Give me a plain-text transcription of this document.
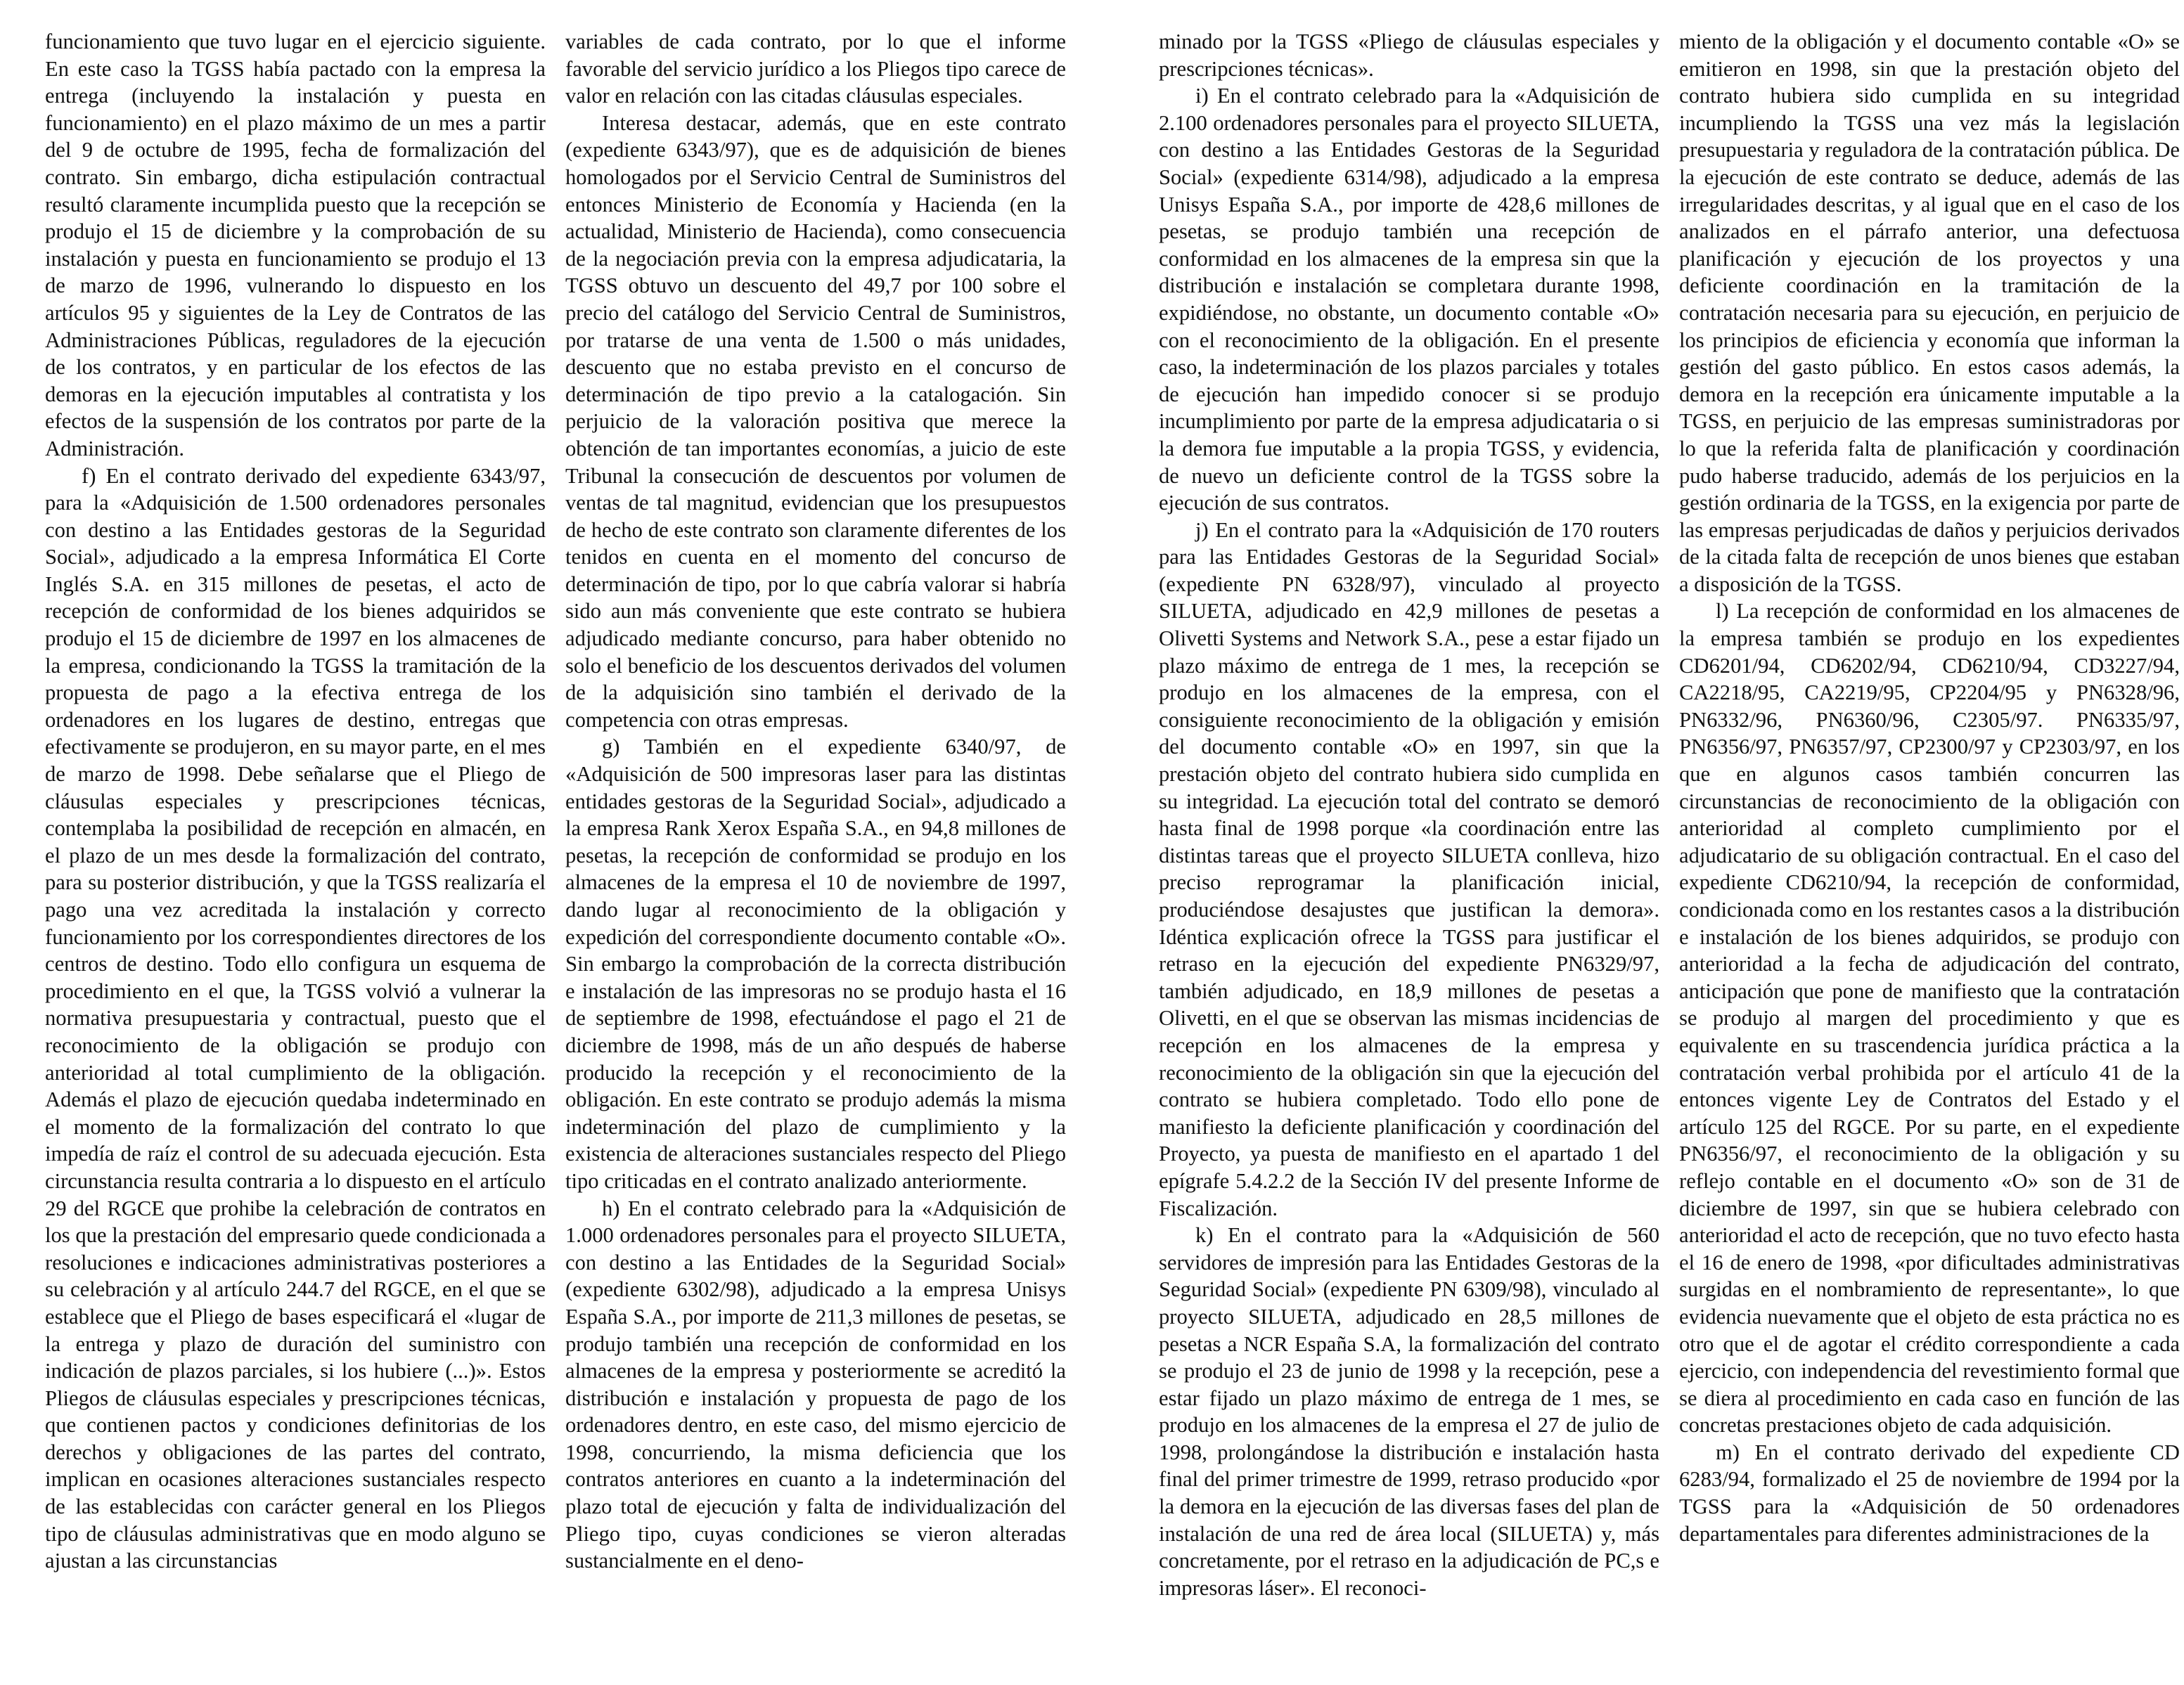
funcionamiento que tuvo lugar en el ejercicio siguiente. En este caso la TGSS había pactado con la empresa la entrega (incluyendo la instalación y puesta en funcionamiento) en el plazo máximo de un mes a partir del 9 de octubre de 1995, fecha de formalización del contrato. Sin embargo, dicha estipulación contractual resultó claramente incumplida puesto que la recepción se produjo el 15 de diciembre y la comprobación de su instalación y puesta en funcionamiento se produjo el 13 de marzo de 1996, vulnerando lo dispuesto en los artículos 95 y siguientes de la Ley de Contratos de las Administraciones Públicas, reguladores de la ejecución de los contratos, y en particular de los efectos de las demoras en la ejecución imputables al contratista y los efectos de la suspensión de los contratos por parte de la Administración.

f) En el contrato derivado del expediente 6343/97, para la «Adquisición de 1.500 ordenadores personales con destino a las Entidades gestoras de la Seguridad Social», adjudicado a la empresa Informática El Corte Inglés S.A. en 315 millones de pesetas, el acto de recepción de conformidad de los bienes adquiridos se produjo el 15 de diciembre de 1997 en los almacenes de la empresa, condicionando la TGSS la tramitación de la propuesta de pago a la efectiva entrega de los ordenadores en los lugares de destino, entregas que efectivamente se produjeron, en su mayor parte, en el mes de marzo de 1998. Debe señalarse que el Pliego de cláusulas especiales y prescripciones técnicas, contemplaba la posibilidad de recepción en almacén, en el plazo de un mes desde la formalización del contrato, para su posterior distribución, y que la TGSS realizaría el pago una vez acreditada la instalación y correcto funcionamiento por los correspondientes directores de los centros de destino. Todo ello configura un esquema de procedimiento en el que, la TGSS volvió a vulnerar la normativa presupuestaria y contractual, puesto que el reconocimiento de la obligación se produjo con anterioridad al total cumplimiento de la obligación. Además el plazo de ejecución quedaba indeterminado en el momento de la formalización del contrato lo que impedía de raíz el control de su adecuada ejecución. Esta circunstancia resulta contraria a lo dispuesto en el artículo 29 del RGCE que prohibe la celebración de contratos en los que la prestación del empresario quede condicionada a resoluciones e indicaciones administrativas posteriores a su celebración y al artículo 244.7 del RGCE, en el que se establece que el Pliego de bases especificará el «lugar de la entrega y plazo de duración del suministro con indicación de plazos parciales, si los hubiere (...)». Estos Pliegos de cláusulas especiales y prescripciones técnicas, que contienen pactos y condiciones definitorias de los derechos y obligaciones de las partes del contrato, implican en ocasiones alteraciones sustanciales respecto de las establecidas con carácter general en los Pliegos tipo de cláusulas administrativas que en modo alguno se ajustan a las circunstancias

variables de cada contrato, por lo que el informe favorable del servicio jurídico a los Pliegos tipo carece de valor en relación con las citadas cláusulas especiales.

Interesa destacar, además, que en este contrato (expediente 6343/97), que es de adquisición de bienes homologados por el Servicio Central de Suministros del entonces Ministerio de Economía y Hacienda (en la actualidad, Ministerio de Hacienda), como consecuencia de la negociación previa con la empresa adjudicataria, la TGSS obtuvo un descuento del 49,7 por 100 sobre el precio del catálogo del Servicio Central de Suministros, por tratarse de una venta de 1.500 o más unidades, descuento que no estaba previsto en el concurso de determinación de tipo previo a la catalogación. Sin perjuicio de la valoración positiva que merece la obtención de tan importantes economías, a juicio de este Tribunal la consecución de descuentos por volumen de ventas de tal magnitud, evidencian que los presupuestos de hecho de este contrato son claramente diferentes de los tenidos en cuenta en el momento del concurso de determinación de tipo, por lo que cabría valorar si habría sido aun más conveniente que este contrato se hubiera adjudicado mediante concurso, para haber obtenido no solo el beneficio de los descuentos derivados del volumen de la adquisición sino también el derivado de la competencia con otras empresas.

g) También en el expediente 6340/97, de «Adquisición de 500 impresoras laser para las distintas entidades gestoras de la Seguridad Social», adjudicado a la empresa Rank Xerox España S.A., en 94,8 millones de pesetas, la recepción de conformidad se produjo en los almacenes de la empresa el 10 de noviembre de 1997, dando lugar al reconocimiento de la obligación y expedición del correspondiente documento contable «O». Sin embargo la comprobación de la correcta distribución e instalación de las impresoras no se produjo hasta el 16 de septiembre de 1998, efectuándose el pago el 21 de diciembre de 1998, más de un año después de haberse producido la recepción y el reconocimiento de la obligación. En este contrato se produjo además la misma indeterminación del plazo de cumplimiento y la existencia de alteraciones sustanciales respecto del Pliego tipo criticadas en el contrato analizado anteriormente.

h) En el contrato celebrado para la «Adquisición de 1.000 ordenadores personales para el proyecto SILUETA, con destino a las Entidades de la Seguridad Social» (expediente 6302/98), adjudicado a la empresa Unisys España S.A., por importe de 211,3 millones de pesetas, se produjo también una recepción de conformidad en los almacenes de la empresa y posteriormente se acreditó la distribución e instalación y propuesta de pago de los ordenadores dentro, en este caso, del mismo ejercicio de 1998, concurriendo, la misma deficiencia que los contratos anteriores en cuanto a la indeterminación del plazo total de ejecución y falta de individualización del Pliego tipo, cuyas condiciones se vieron alteradas sustancialmente en el deno-

minado por la TGSS «Pliego de cláusulas especiales y prescripciones técnicas».

i) En el contrato celebrado para la «Adquisición de 2.100 ordenadores personales para el proyecto SILUETA, con destino a las Entidades Gestoras de la Seguridad Social» (expediente 6314/98), adjudicado a la empresa Unisys España S.A., por importe de 428,6 millones de pesetas, se produjo también una recepción de conformidad en los almacenes de la empresa sin que la distribución e instalación se completara durante 1998, expidiéndose, no obstante, un documento contable «O» con el reconocimiento de la obligación. En el presente caso, la indeterminación de los plazos parciales y totales de ejecución han impedido conocer si se produjo incumplimiento por parte de la empresa adjudicataria o si la demora fue imputable a la propia TGSS, y evidencia, de nuevo un deficiente control de la TGSS sobre la ejecución de sus contratos.

j) En el contrato para la «Adquisición de 170 routers para las Entidades Gestoras de la Seguridad Social» (expediente PN 6328/97), vinculado al proyecto SILUETA, adjudicado en 42,9 millones de pesetas a Olivetti Systems and Network S.A., pese a estar fijado un plazo máximo de entrega de 1 mes, la recepción se produjo en los almacenes de la empresa, con el consiguiente reconocimiento de la obligación y emisión del documento contable «O» en 1997, sin que la prestación objeto del contrato hubiera sido cumplida en su integridad. La ejecución total del contrato se demoró hasta final de 1998 porque «la coordinación entre las distintas tareas que el proyecto SILUETA conlleva, hizo preciso reprogramar la planificación inicial, produciéndose desajustes que justifican la demora». Idéntica explicación ofrece la TGSS para justificar el retraso en la ejecución del expediente PN6329/97, también adjudicado, en 18,9 millones de pesetas a Olivetti, en el que se observan las mismas incidencias de recepción en los almacenes de la empresa y reconocimiento de la obligación sin que la ejecución del contrato se hubiera completado. Todo ello pone de manifiesto la deficiente planificación y coordinación del Proyecto, ya puesta de manifiesto en el apartado 1 del epígrafe 5.4.2.2 de la Sección IV del presente Informe de Fiscalización.

k) En el contrato para la «Adquisición de 560 servidores de impresión para las Entidades Gestoras de la Seguridad Social» (expediente PN 6309/98), vinculado al proyecto SILUETA, adjudicado en 28,5 millones de pesetas a NCR España S.A, la formalización del contrato se produjo el 23 de junio de 1998 y la recepción, pese a estar fijado un plazo máximo de entrega de 1 mes, se produjo en los almacenes de la empresa el 27 de julio de 1998, prolongándose la distribución e instalación hasta final del primer trimestre de 1999, retraso producido «por la demora en la ejecución de las diversas fases del plan de instalación de una red de área local (SILUETA) y, más concretamente, por el retraso en la adjudicación de PC,s e impresoras láser». El reconoci-

miento de la obligación y el documento contable «O» se emitieron en 1998, sin que la prestación objeto del contrato hubiera sido cumplida en su integridad incumpliendo la TGSS una vez más la legislación presupuestaria y reguladora de la contratación pública. De la ejecución de este contrato se deduce, además de las irregularidades descritas, y al igual que en el caso de los analizados en el párrafo anterior, una defectuosa planificación y ejecución de los proyectos y una deficiente coordinación en la tramitación de la contratación necesaria para su ejecución, en perjuicio de los principios de eficiencia y economía que informan la gestión del gasto público. En estos casos además, la demora en la recepción era únicamente imputable a la TGSS, en perjuicio de las empresas suministradoras por lo que la referida falta de planificación y coordinación pudo haberse traducido, además de los perjuicios en la gestión ordinaria de la TGSS, en la exigencia por parte de las empresas perjudicadas de daños y perjuicios derivados de la citada falta de recepción de unos bienes que estaban a disposición de la TGSS.

l) La recepción de conformidad en los almacenes de la empresa también se produjo en los expedientes CD6201/94, CD6202/94, CD6210/94, CD3227/94, CA2218/95, CA2219/95, CP2204/95 y PN6328/96, PN6332/96, PN6360/96, C2305/97. PN6335/97, PN6356/97, PN6357/97, CP2300/97 y CP2303/97, en los que en algunos casos también concurren las circunstancias de reconocimiento de la obligación con anterioridad al completo cumplimiento por el adjudicatario de su obligación contractual. En el caso del expediente CD6210/94, la recepción de conformidad, condicionada como en los restantes casos a la distribución e instalación de los bienes adquiridos, se produjo con anterioridad a la fecha de adjudicación del contrato, anticipación que pone de manifiesto que la contratación se produjo al margen del procedimiento y que es equivalente en su trascendencia jurídica práctica a la contratación verbal prohibida por el artículo 41 de la entonces vigente Ley de Contratos del Estado y el artículo 125 del RGCE. Por su parte, en el expediente PN6356/97, el reconocimiento de la obligación y su reflejo contable en el documento «O» son de 31 de diciembre de 1997, sin que se hubiera celebrado con anterioridad el acto de recepción, que no tuvo efecto hasta el 16 de enero de 1998, «por dificultades administrativas surgidas en el nombramiento de representante», lo que evidencia nuevamente que el objeto de esta práctica no es otro que el de agotar el crédito correspondiente a cada ejercicio, con independencia del revestimiento formal que se diera al procedimiento en cada caso en función de las concretas prestaciones objeto de cada adquisición.

m) En el contrato derivado del expediente CD 6283/94, formalizado el 25 de noviembre de 1994 por la TGSS para la «Adquisición de 50 ordenadores departamentales para diferentes administraciones de la
